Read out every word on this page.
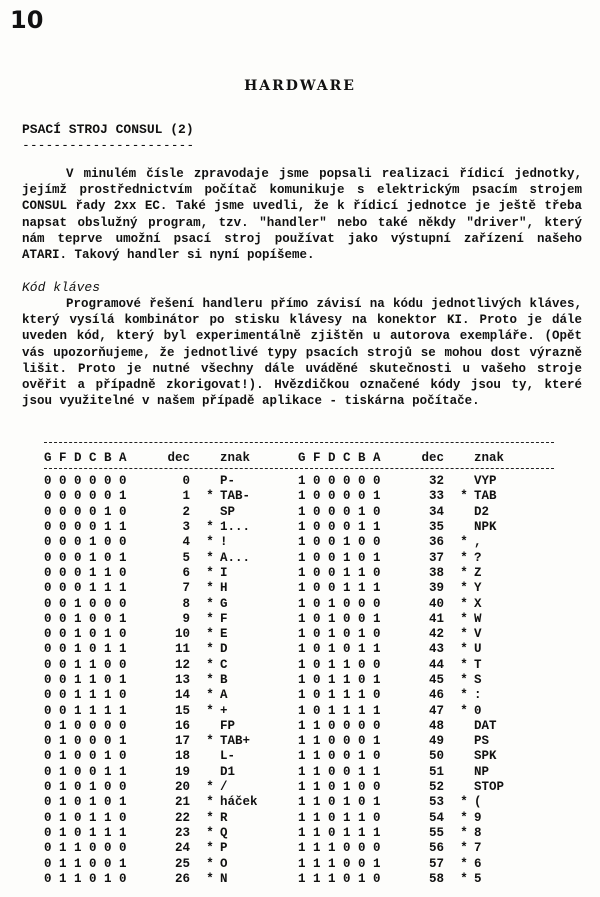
10
HARDWARE
PSACÍ STROJ CONSUL (2)
----------------------
V minulém čísle zpravodaje jsme popsali realizaci řídicí jednotky, jejímž prostřednictvím počítač komunikuje s elektrickým psacím strojem CONSUL řady 2xx EC. Také jsme uvedli, že k řídicí jednotce je ještě třeba napsat obslužný program, tzv. "handler" nebo také někdy "driver", který nám teprve umožní psací stroj používat jako výstupní zařízení našeho ATARI. Takový handler si nyní popíšeme.
Kód kláves
Programové řešení handleru přímo závisí na kódu jednotlivých kláves, který vysílá kombinátor po stisku klávesy na konektor KI. Proto je dále uveden kód, který byl experimentálně zjištěn u autorova exempláře. (Opět vás upozorňujeme, že jednotlivé typy psacích strojů se mohou dost výrazně lišit. Proto je nutné všechny dále uváděné skutečnosti u vašeho stroje ověřit a případně zkorigovat!). Hvězdičkou označené kódy jsou ty, které jsou využitelné v našem případě aplikace - tiskárna počítače.
G F D C B A	dec		znak	G F D C B A	dec		znak
0 0 0 0 0 0	0		P-	1 0 0 0 0 0	32		VYP
0 0 0 0 0 1	1	*	TAB-	1 0 0 0 0 1	33	*	TAB
0 0 0 0 1 0	2		SP	1 0 0 0 1 0	34		D2
0 0 0 0 1 1	3	*	1...	1 0 0 0 1 1	35		NPK
0 0 0 1 0 0	4	*	!	1 0 0 1 0 0	36	*	,
0 0 0 1 0 1	5	*	A...	1 0 0 1 0 1	37	*	?
0 0 0 1 1 0	6	*	I	1 0 0 1 1 0	38	*	Z
0 0 0 1 1 1	7	*	H	1 0 0 1 1 1	39	*	Y
0 0 1 0 0 0	8	*	G	1 0 1 0 0 0	40	*	X
0 0 1 0 0 1	9	*	F	1 0 1 0 0 1	41	*	W
0 0 1 0 1 0	10	*	E	1 0 1 0 1 0	42	*	V
0 0 1 0 1 1	11	*	D	1 0 1 0 1 1	43	*	U
0 0 1 1 0 0	12	*	C	1 0 1 1 0 0	44	*	T
0 0 1 1 0 1	13	*	B	1 0 1 1 0 1	45	*	S
0 0 1 1 1 0	14	*	A	1 0 1 1 1 0	46	*	:
0 0 1 1 1 1	15	*	+	1 0 1 1 1 1	47	*	0
0 1 0 0 0 0	16		FP	1 1 0 0 0 0	48		DAT
0 1 0 0 0 1	17	*	TAB+	1 1 0 0 0 1	49		PS
0 1 0 0 1 0	18		L-	1 1 0 0 1 0	50		SPK
0 1 0 0 1 1	19		D1	1 1 0 0 1 1	51		NP
0 1 0 1 0 0	20	*	/	1 1 0 1 0 0	52		STOP
0 1 0 1 0 1	21	*	háček	1 1 0 1 0 1	53	*	(
0 1 0 1 1 0	22	*	R	1 1 0 1 1 0	54	*	9
0 1 0 1 1 1	23	*	Q	1 1 0 1 1 1	55	*	8
0 1 1 0 0 0	24	*	P	1 1 1 0 0 0	56	*	7
0 1 1 0 0 1	25	*	O	1 1 1 0 0 1	57	*	6
0 1 1 0 1 0	26	*	N	1 1 1 0 1 0	58	*	5
